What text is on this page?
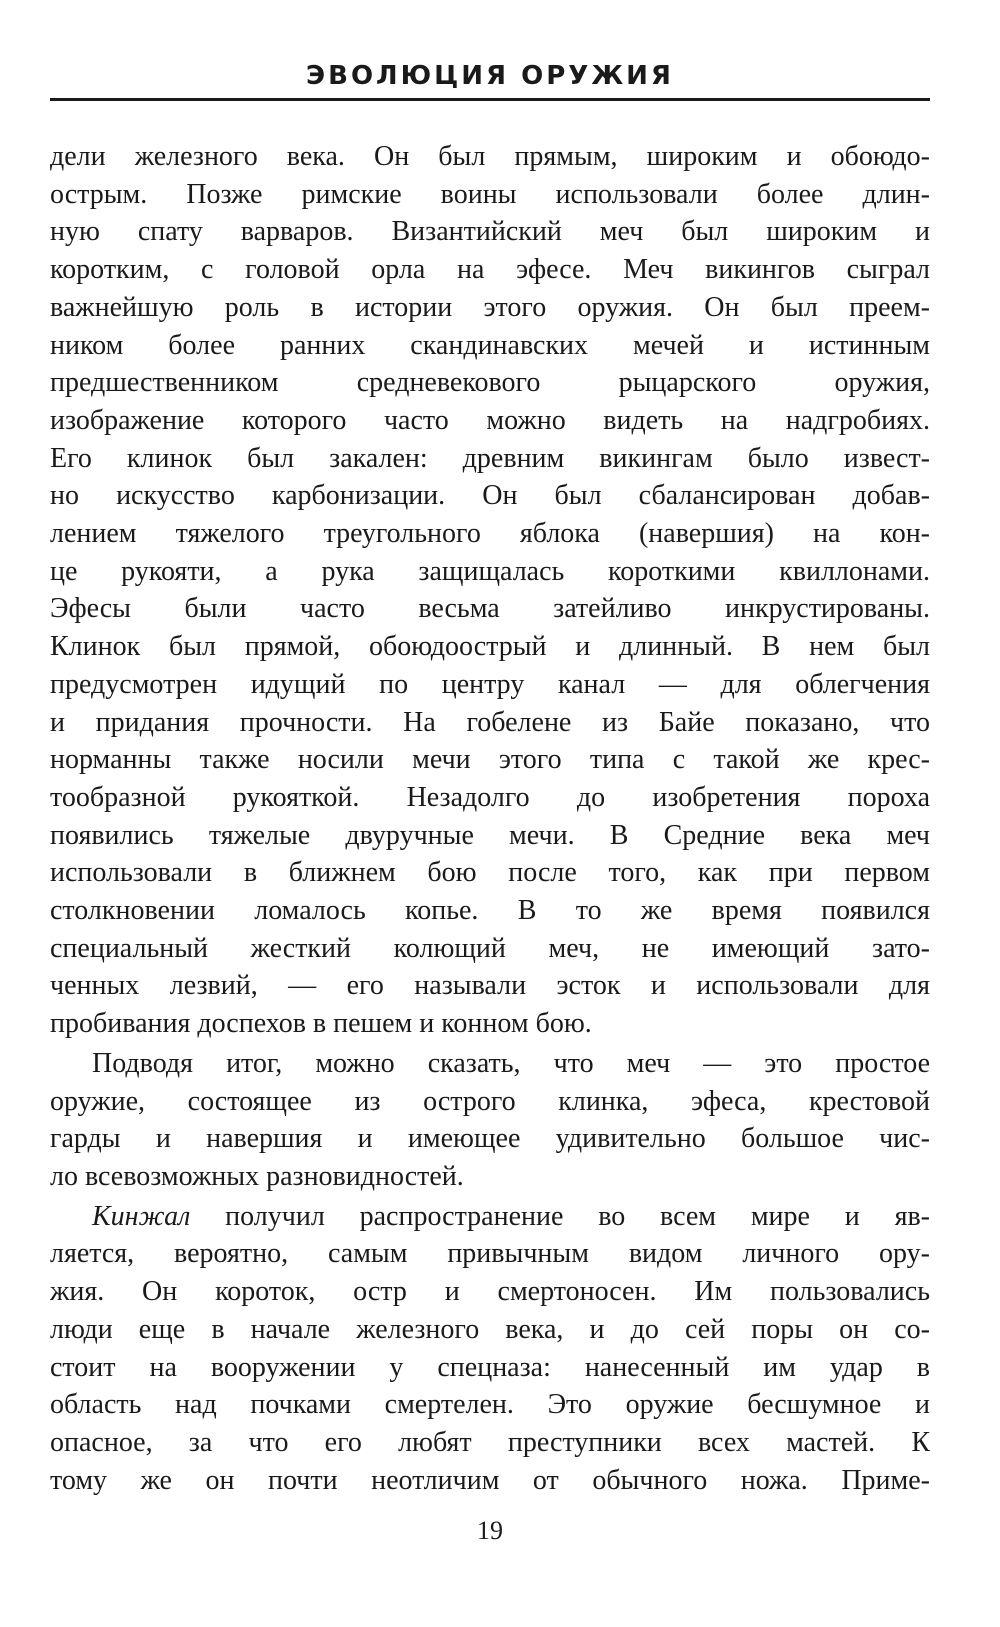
ЭВОЛЮЦИЯ ОРУЖИЯ

дели железного века. Он был прямым, широким и обоюдо-
острым. Позже римские воины использовали более длин-
ную спату варваров. Византийский меч был широким и
коротким, с головой орла на эфесе. Меч викингов сыграл
важнейшую роль в истории этого оружия. Он был преем-
ником более ранних скандинавских мечей и истинным
предшественником средневекового рыцарского оружия,
изображение которого часто можно видеть на надгробиях.
Его клинок был закален: древним викингам было извест-
но искусство карбонизации. Он был сбалансирован добав-
лением тяжелого треугольного яблока (навершия) на кон-
це рукояти, а рука защищалась короткими квиллонами.
Эфесы были часто весьма затейливо инкрустированы.
Клинок был прямой, обоюдоострый и длинный. В нем был
предусмотрен идущий по центру канал — для облегчения
и придания прочности. На гобелене из Байе показано, что
норманны также носили мечи этого типа с такой же крес-
тообразной рукояткой. Незадолго до изобретения пороха
появились тяжелые двуручные мечи. В Средние века меч
использовали в ближнем бою после того, как при первом
столкновении ломалось копье. В то же время появился
специальный жесткий колющий меч, не имеющий зато-
ченных лезвий, — его называли эсток и использовали для
пробивания доспехов в пешем и конном бою.

Подводя итог, можно сказать, что меч — это простое
оружие, состоящее из острого клинка, эфеса, крестовой
гарды и навершия и имеющее удивительно большое чис-
ло всевозможных разновидностей.

Кинжал получил распространение во всем мире и яв-
ляется, вероятно, самым привычным видом личного ору-
жия. Он короток, остр и смертоносен. Им пользовались
люди еще в начале железного века, и до сей поры он со-
стоит на вооружении у спецназа: нанесенный им удар в
область над почками смертелен. Это оружие бесшумное и
опасное, за что его любят преступники всех мастей. К
тому же он почти неотличим от обычного ножа. Приме-

19
